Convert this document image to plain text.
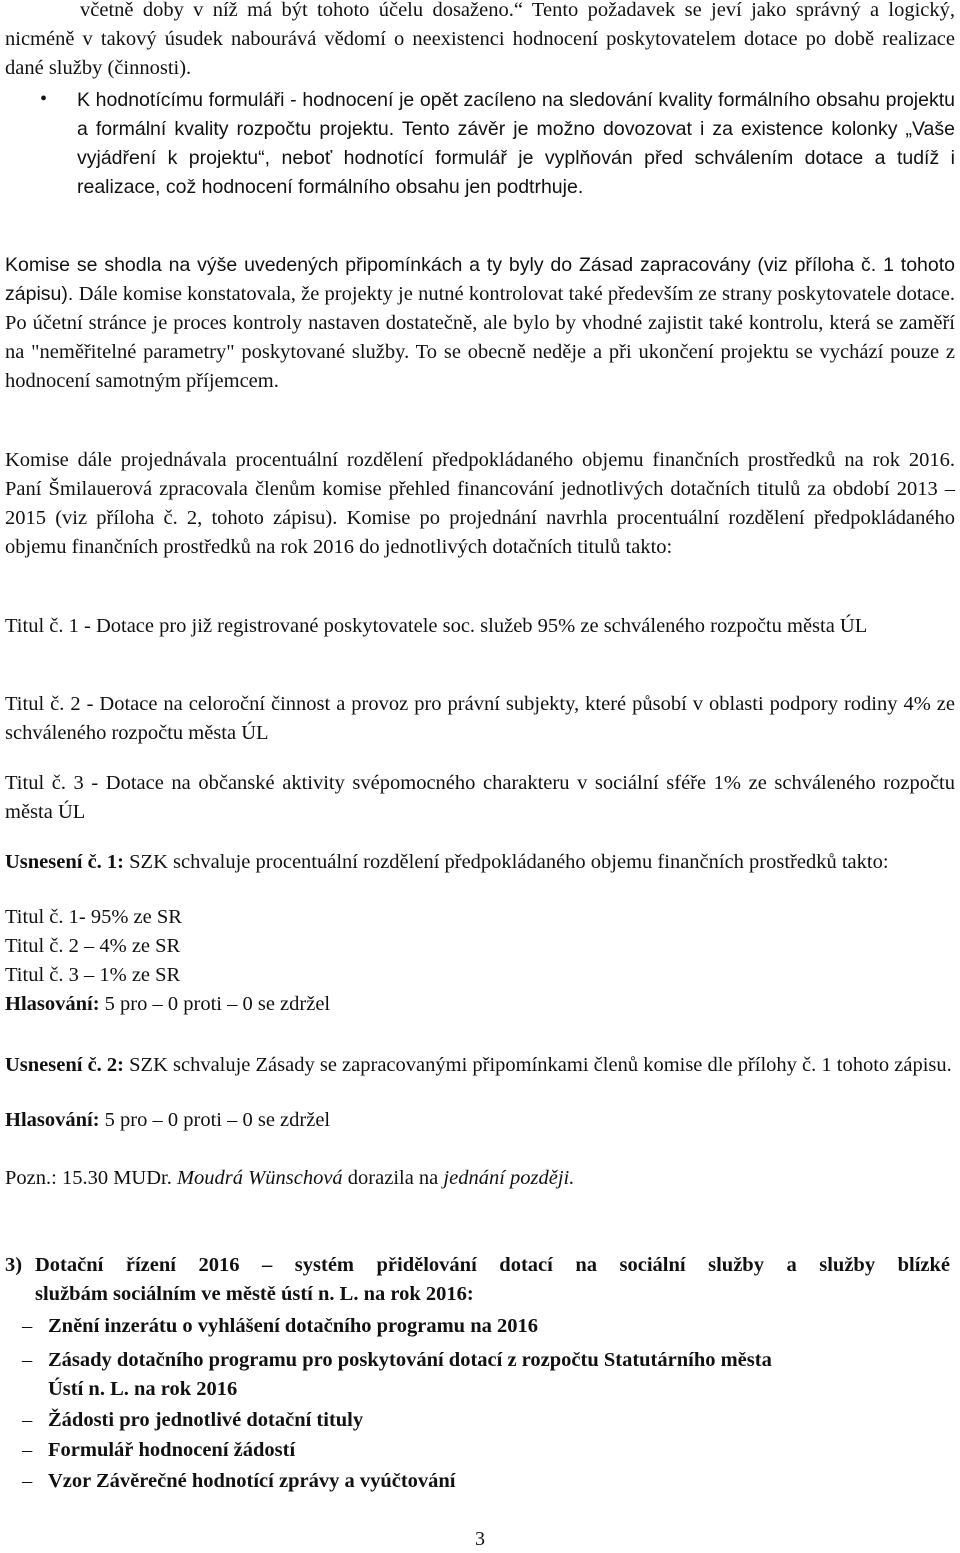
včetně doby v níž má být tohoto účelu dosaženo.“ Tento požadavek se jeví jako správný a logický, nicméně v takový úsudek nabourává vědomí o neexistenci hodnocení poskytovatelem dotace po době realizace dané služby (činnosti).
• K hodnotícímu formuláři - hodnocení je opět zacíleno na sledování kvality formálního obsahu projektu a formální kvality rozpočtu projektu. Tento závěr je možno dovozovat i za existence kolonky „Vaše vyjádření k projektu“, neboť hodnotící formulář je vyplňován před schválením dotace a tudíž i realizace, což hodnocení formálního obsahu jen podtrhuje.
Komise se shodla na výše uvedených připomínkách a ty byly do Zásad zapracovány (viz příloha č. 1 tohoto zápisu). Dále komise konstatovala, že projekty je nutné kontrolovat také především ze strany poskytovatele dotace. Po účetní stránce je proces kontroly nastaven dostatečně, ale bylo by vhodné zajistit také kontrolu, která se zaměří na "neměřitelné parametry" poskytované služby. To se obecně neděje a při ukončení projektu se vychází pouze z hodnocení samotným příjemcem.
Komise dále projednávala procentuální rozdělení předpokládaného objemu finančních prostředků na rok 2016. Paní Šmilauerová zpracovala členům komise přehled financování jednotlivých dotačních titulů za období 2013 – 2015 (viz příloha č. 2, tohoto zápisu). Komise po projednání navrhla procentuální rozdělení předpokládaného objemu finančních prostředků na rok 2016 do jednotlivých dotačních titulů takto:
Titul č. 1 - Dotace pro již registrované poskytovatele soc. služeb 95% ze schváleného rozpočtu města ÚL
Titul č. 2 - Dotace na celoroční činnost a provoz pro právní subjekty, které působí v oblasti podpory rodiny 4% ze schváleného rozpočtu města ÚL
Titul č. 3 - Dotace na občanské aktivity svépomocného charakteru v sociální sféře 1% ze schváleného rozpočtu města ÚL
Usnesení č. 1: SZK schvaluje procentuální rozdělení předpokládaného objemu finančních prostředků takto:
Titul č. 1- 95% ze SR
Titul č. 2 – 4% ze SR
Titul č. 3 – 1% ze SR
Hlasování: 5 pro – 0 proti – 0 se zdržel
Usnesení č. 2: SZK schvaluje Zásady se zapracovanými připomínkami členů komise dle přílohy č. 1 tohoto zápisu.
Hlasování: 5 pro – 0 proti – 0 se zdržel
Pozn.: 15.30 MUDr. Moudrá Wünschová dorazila na jednání později.
3) Dotační řízení 2016 – systém přidělování dotací na sociální služby a služby blízké
službám sociálním ve městě ústí n. L. na rok 2016:
– Znění inzerátu o vyhlášení dotačního programu na 2016
– Zásady dotačního programu pro poskytování dotací z rozpočtu Statutárního města
Ústí n. L. na rok 2016
– Žádosti pro jednotlivé dotační tituly
– Formulář hodnocení žádostí
– Vzor Závěrečné hodnotící zprávy a vyúčtování
3
